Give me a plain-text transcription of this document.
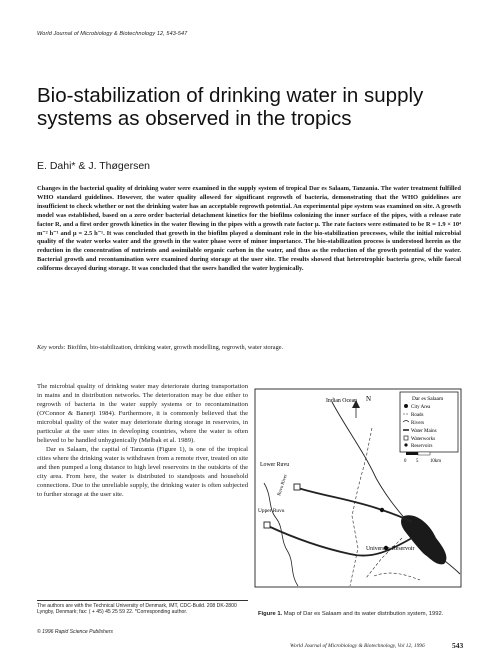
World Journal of Microbiology & Biotechnology 12, 543-547
Bio-stabilization of drinking water in supply systems as observed in the tropics
E. Dahi* & J. Thøgersen
Changes in the bacterial quality of drinking water were examined in the supply system of tropical Dar es Salaam, Tanzania. The water treatment fulfilled WHO standard guidelines. However, the water quality allowed for significant regrowth of bacteria, demonstrating that the WHO guidelines are insufficient to check whether or not the drinking water has an acceptable regrowth potential. An experimental pipe system was examined on site. A growth model was established, based on a zero order bacterial detachment kinetics for the biofilms colonizing the inner surface of the pipes, with a release rate factor R, and a first order growth kinetics in the water flowing in the pipes with a growth rate factor μ. The rate factors were estimated to be R = 1.9 × 10⁴ m⁻² h⁻¹ and μ = 2.5 h⁻¹. It was concluded that growth in the biofilm played a dominant role in the bio-stabilization processes, while the initial microbial quality of the water works water and the growth in the water phase were of minor importance. The bio-stabilization process is understood herein as the reduction in the concentration of nutrients and assimilable organic carbon in the water, and thus as the reduction of the growth potential of the water. Bacterial growth and recontamination were examined during storage at the user site. The results showed that heterotrophic bacteria grew, while faecal coliforms decayed during storage. It was concluded that the users handled the water hygienically.
Key words: Biofilm, bio-stabilization, drinking water, growth modelling, regrowth, water storage.

The microbial quality of drinking water may deteriorate during transportation in mains and in distribution networks. The deterioration may be due either to regrowth of bacteria in the water supply systems or to recontamination (O'Connor & Banerji 1984). Furthermore, it is commonly believed that the microbial quality of the water may deteriorate during storage in reservoirs, in particular at the user sites in developing countries, where the water is often believed to be handled unhygienically (Mølbak et al. 1989).

Dar es Salaam, the capital of Tanzania (Figure 1), is one of the tropical cities where the drinking water is withdrawn from a remote river, treated on site and then pumped a long distance to high level reservoirs in the outskirts of the city area. From here, the water is distributed to standposts and household connections. Due to the unreliable supply, the drinking water is often subjected to further storage at the user site.

The authors are with the Technical University of Denmark, IMT, CDC-Build. 208 DK-2800 Lyngby, Denmark; fax: ( + 45) 45 25 59 22. *Corresponding author.
© 1996 Rapid Science Publishers
N
Indian Ocean
Lower Ruvu
Upper Ruvu
Ruvu River
University Reservoir
Dar es Salaam
City Area
Roads
Rivers
Water Mains
Waterworks
Reservoirs
0 5 10km
Figure 1. Map of Dar es Salaam and its water distribution system, 1992.
World Journal of Microbiology & Biotechnology, Vol 12, 1996	543
